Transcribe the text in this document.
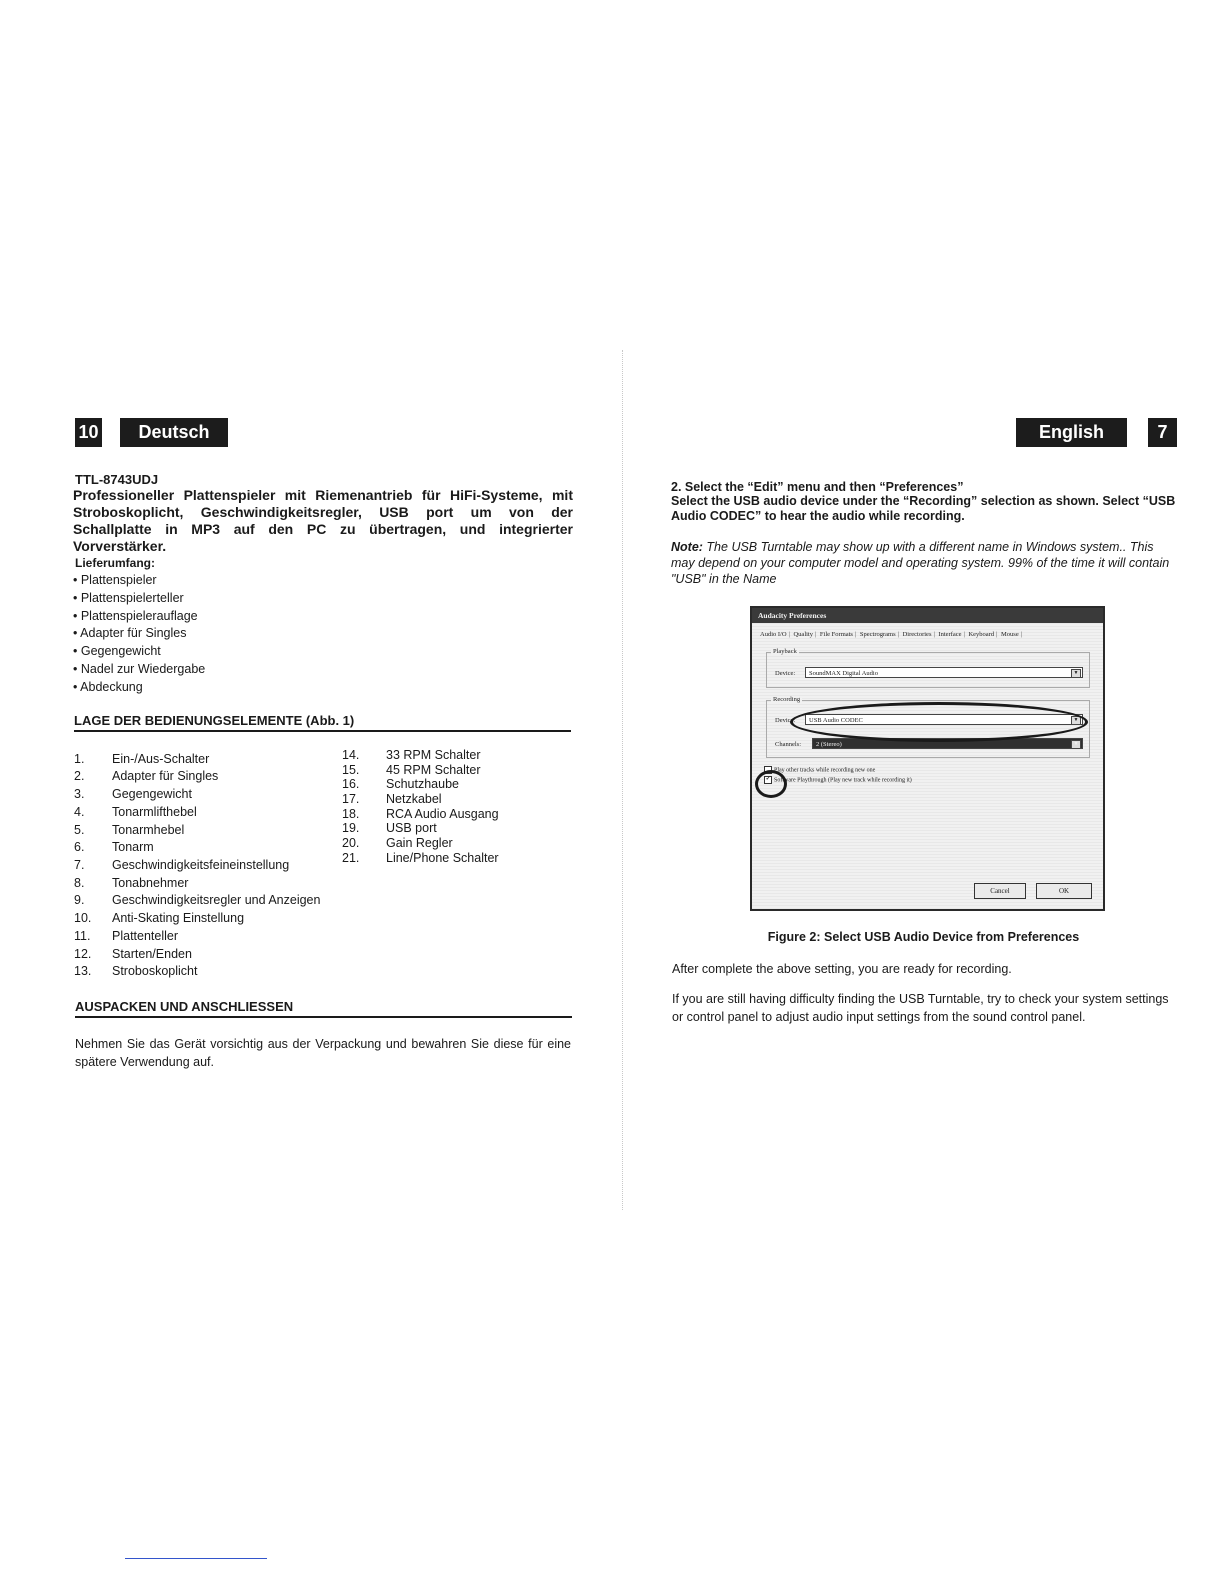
10	Deutsch
TTL-8743UDJ
Professioneller Plattenspieler mit Riemenantrieb für HiFi-Systeme, mit Stroboskoplicht, Geschwindigkeitsregler, USB port um von der Schallplatte in MP3 auf den PC zu übertragen, und integrierter Vorverstärker.
Lieferumfang:
• Plattenspieler
• Plattenspielerteller
• Plattenspielerauflage
• Adapter für Singles
• Gegengewicht
• Nadel zur Wiedergabe
• Abdeckung
LAGE DER BEDIENUNGSELEMENTE (Abb. 1)
1. Ein-/Aus-Schalter
2. Adapter für Singles
3. Gegengewicht
4. Tonarmlifthebel
5. Tonarmhebel
6. Tonarm
7. Geschwindigkeitsfeineinstellung
8. Tonabnehmer
9. Geschwindigkeitsregler und Anzeigen
10. Anti-Skating Einstellung
11. Plattenteller
12. Starten/Enden
13. Stroboskoplicht
14. 33 RPM Schalter
15. 45 RPM Schalter
16. Schutzhaube
17. Netzkabel
18. RCA Audio Ausgang
19. USB port
20. Gain Regler
21. Line/Phone Schalter
AUSPACKEN UND ANSCHLIESSEN
Nehmen Sie das Gerät vorsichtig aus der Verpackung und bewahren Sie diese für eine spätere Verwendung auf.
English	7
2. Select the “Edit” menu and then “Preferences”
Select the USB audio device under the “Recording” selection as shown. Select “USB Audio CODEC” to hear the audio while recording.
Note: The USB Turntable may show up with a different name in Windows system.. This may depend on your computer model and operating system. 99% of the time it will contain "USB" in the Name
Audacity Preferences
Audio I/O | Quality | File Formats | Spectrograms | Directories | Interface | Keyboard | Mouse |
Playback
Device:	SoundMAX Digital Audio	▼
Recording
Device:	USB Audio CODEC	▼
Channels:	2 (Stereo)	▼
Play other tracks while recording new one
✔ Software Playthrough (Play new track while recording it)
Cancel	OK
Figure 2: Select USB Audio Device from Preferences
After complete the above setting, you are ready for recording.
If you are still having difficulty finding the USB Turntable, try to check your system settings or control panel to adjust audio input settings from the sound control panel.
